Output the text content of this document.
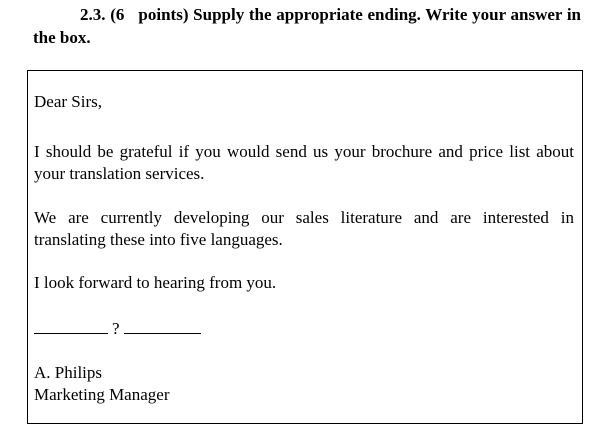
2.3. (6   points) Supply the appropriate ending. Write your answer in the box.
Dear Sirs,
I should be grateful if you would send us your brochure and price list about your translation services.
We are currently developing our sales literature and are interested in translating these into five languages.
I look forward to hearing from you.
?
A. Philips
Marketing Manager
